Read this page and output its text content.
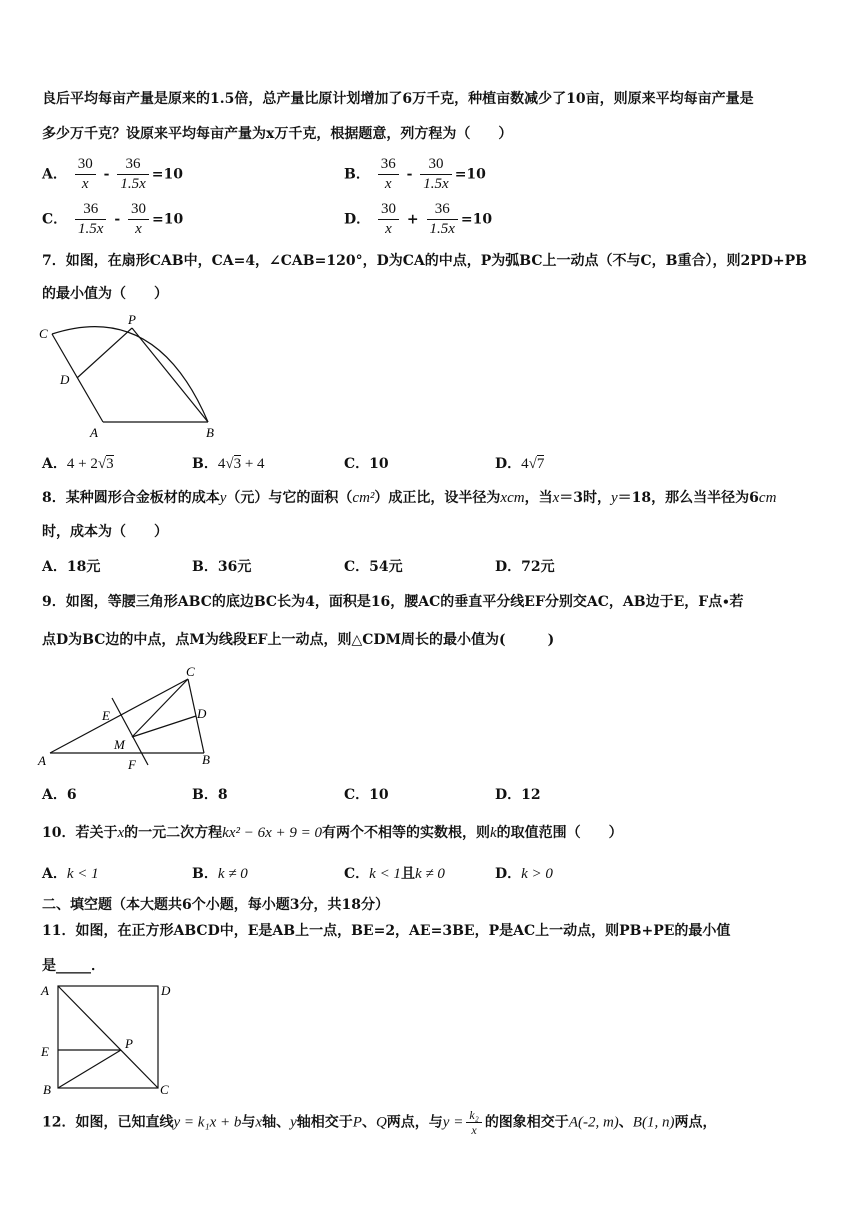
良后平均每亩产量是原来的1.5倍，总产量比原计划增加了6万千克，种植亩数减少了10亩，则原来平均每亩产量是
多少万千克？设原来平均每亩产量为x万千克，根据题意，列方程为（　　）
A． $\frac{30}{x} - \frac{36}{1.5x} =10$	B． $\frac{36}{x} - \frac{30}{1.5x} =10$
C． $\frac{36}{1.5x} - \frac{30}{x} =10$	D． $\frac{30}{x} + \frac{36}{1.5x} =10$
7．如图，在扇形CAB中，CA=4，∠CAB=120°，D为CA的中点，P为弧BC上一动点（不与C，B重合），则2PD+PB
的最小值为（　　）
C
P
D
A	B
A．4 + 2√3	B．4√3 + 4	C．10	D．4√7
8．某种圆形合金板材的成本y（元）与它的面积（cm²）成正比，设半径为xcm，当x＝3时，y＝18，那么当半径为6cm
时，成本为（　　）
A．18元	B．36元	C．54元	D．72元
9．如图，等腰三角形ABC的底边BC长为4，面积是16，腰AC的垂直平分线EF分别交AC，AB边于E，F点∙若
点D为BC边的中点，点M为线段EF上一动点，则△CDM周长的最小值为(　　　)
C
E	D
M
A	F	B
A．6	B．8	C．10	D．12
10．若关于x的一元二次方程kx² − 6x + 9 = 0有两个不相等的实数根，则k的取值范围（　　）
A．k < 1	B．k ≠ 0	C．k < 1且k ≠ 0	D．k > 0
二、填空题（本大题共6个小题，每小题3分，共18分）
11．如图，在正方形ABCD中，E是AB上一点，BE=2，AE=3BE，P是AC上一动点，则PB+PE的最小值
是_____．
A	D
E
P
B	C
12．如图，已知直线y = k₁x + b与x轴、y轴相交于P、Q两点，与$y = \frac{\text{k₂}}{x}$ 的图象相交于A(-2, m)、B(1, n)两点，
